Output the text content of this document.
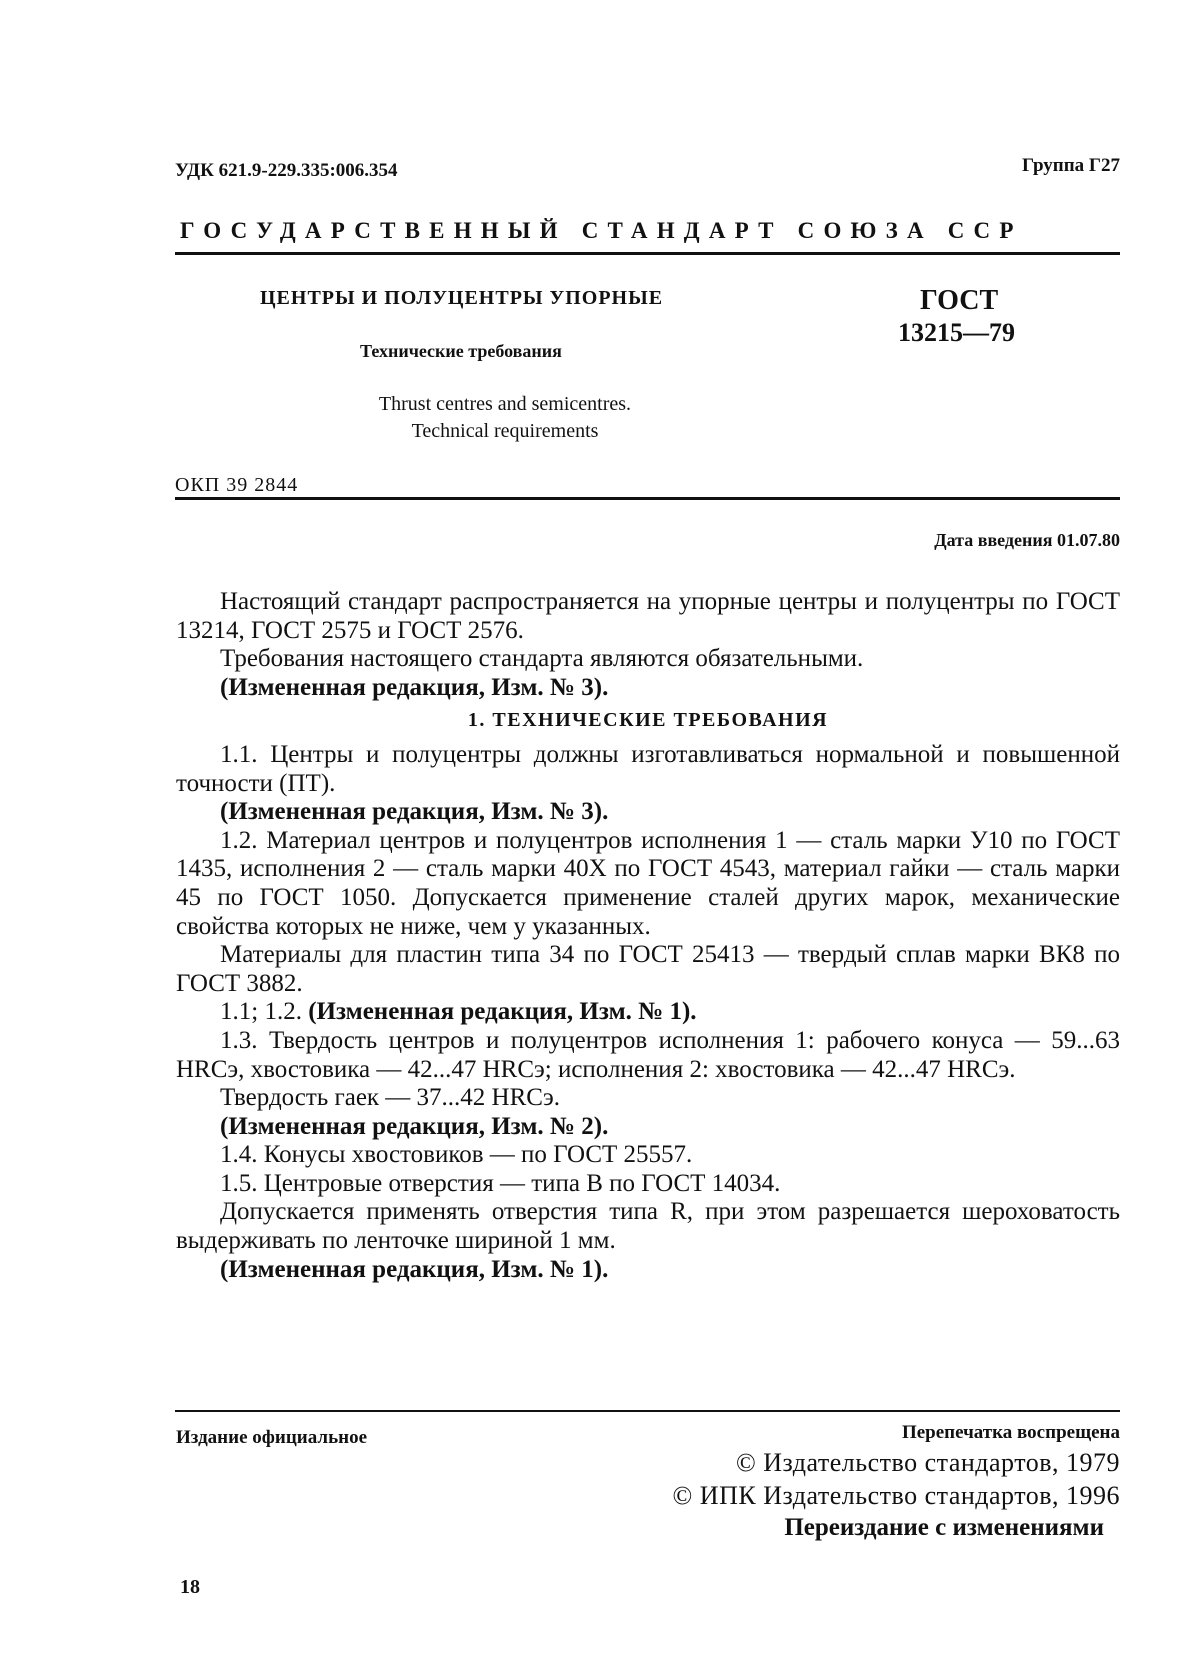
УДК 621.9-229.335:006.354	Группа Г27
ГОСУДАРСТВЕННЫЙ СТАНДАРТ СОЮЗА ССР
ЦЕНТРЫ И ПОЛУЦЕНТРЫ УПОРНЫЕ
Технические требования
ГОСТ
13215—79
Thrust centres and semicentres.
Technical requirements
ОКП 39 2844
Дата введения 01.07.80

Настоящий стандарт распространяется на упорные центры и полуцентры по ГОСТ 13214, ГОСТ 2575 и ГОСТ 2576.

Требования настоящего стандарта являются обязательными.

(Измененная редакция, Изм. № 3).

1. ТЕХНИЧЕСКИЕ ТРЕБОВАНИЯ

1.1. Центры и полуцентры должны изготавливаться нормальной и повышенной точности (ПТ).

(Измененная редакция, Изм. № 3).

1.2. Материал центров и полуцентров исполнения 1 — сталь марки У10 по ГОСТ 1435, исполнения 2 — сталь марки 40Х по ГОСТ 4543, материал гайки — сталь марки 45 по ГОСТ 1050. Допускается применение сталей других марок, механические свойства которых не ниже, чем у указанных.

Материалы для пластин типа 34 по ГОСТ 25413 — твердый сплав марки ВК8 по ГОСТ 3882.

1.1; 1.2. (Измененная редакция, Изм. № 1).

1.3. Твердость центров и полуцентров исполнения 1: рабочего конуса — 59...63 HRCэ, хвостовика — 42...47 HRCэ; исполнения 2: хвостовика — 42...47 HRCэ.

Твердость гаек — 37...42 HRCэ.

(Измененная редакция, Изм. № 2).

1.4. Конусы хвостовиков — по ГОСТ 25557.

1.5. Центровые отверстия — типа В по ГОСТ 14034.

Допускается применять отверстия типа R, при этом разрешается шероховатость выдерживать по ленточке шириной 1 мм.

(Измененная редакция, Изм. № 1).

Издание официальное	Перепечатка воспрещена
© Издательство стандартов, 1979
© ИПК Издательство стандартов, 1996
Переиздание с изменениями
18
